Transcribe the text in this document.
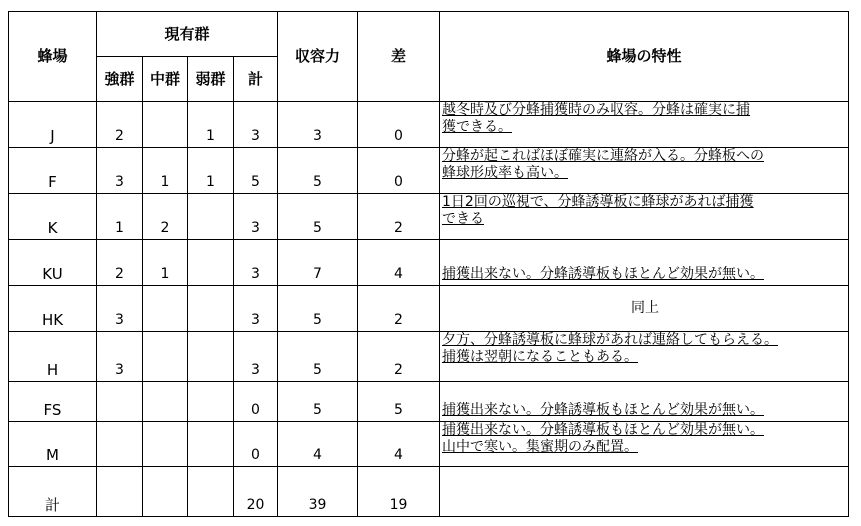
蜂場	現有群				収容力	差	蜂場の特性
	強群	中群	弱群	計			
J	2		1	3	3	0	越冬時及び分蜂捕獲時のみ収容。分蜂は確実に捕
獲できる。

F	3	1	1	5	5	0	分蜂が起こればほぼ確実に連絡が入る。分蜂板への
蜂球形成率も高い。

K	1	2		3	5	2	1日2回の巡視で、分蜂誘導板に蜂球があれば捕獲
できる

KU	2	1		3	7	4	捕獲出来ない。分蜂誘導板もほとんど効果が無い。

HK	3			3	5	2	同上

H	3			3	5	2	夕方、分蜂誘導板に蜂球があれば連絡してもらえる。
捕獲は翌朝になることもある。

FS				0	5	5	捕獲出来ない。分蜂誘導板もほとんど効果が無い。

M				0	4	4	捕獲出来ない。分蜂誘導板もほとんど効果が無い。
山中で寒い。集蜜期のみ配置。

計				20	39	19	
